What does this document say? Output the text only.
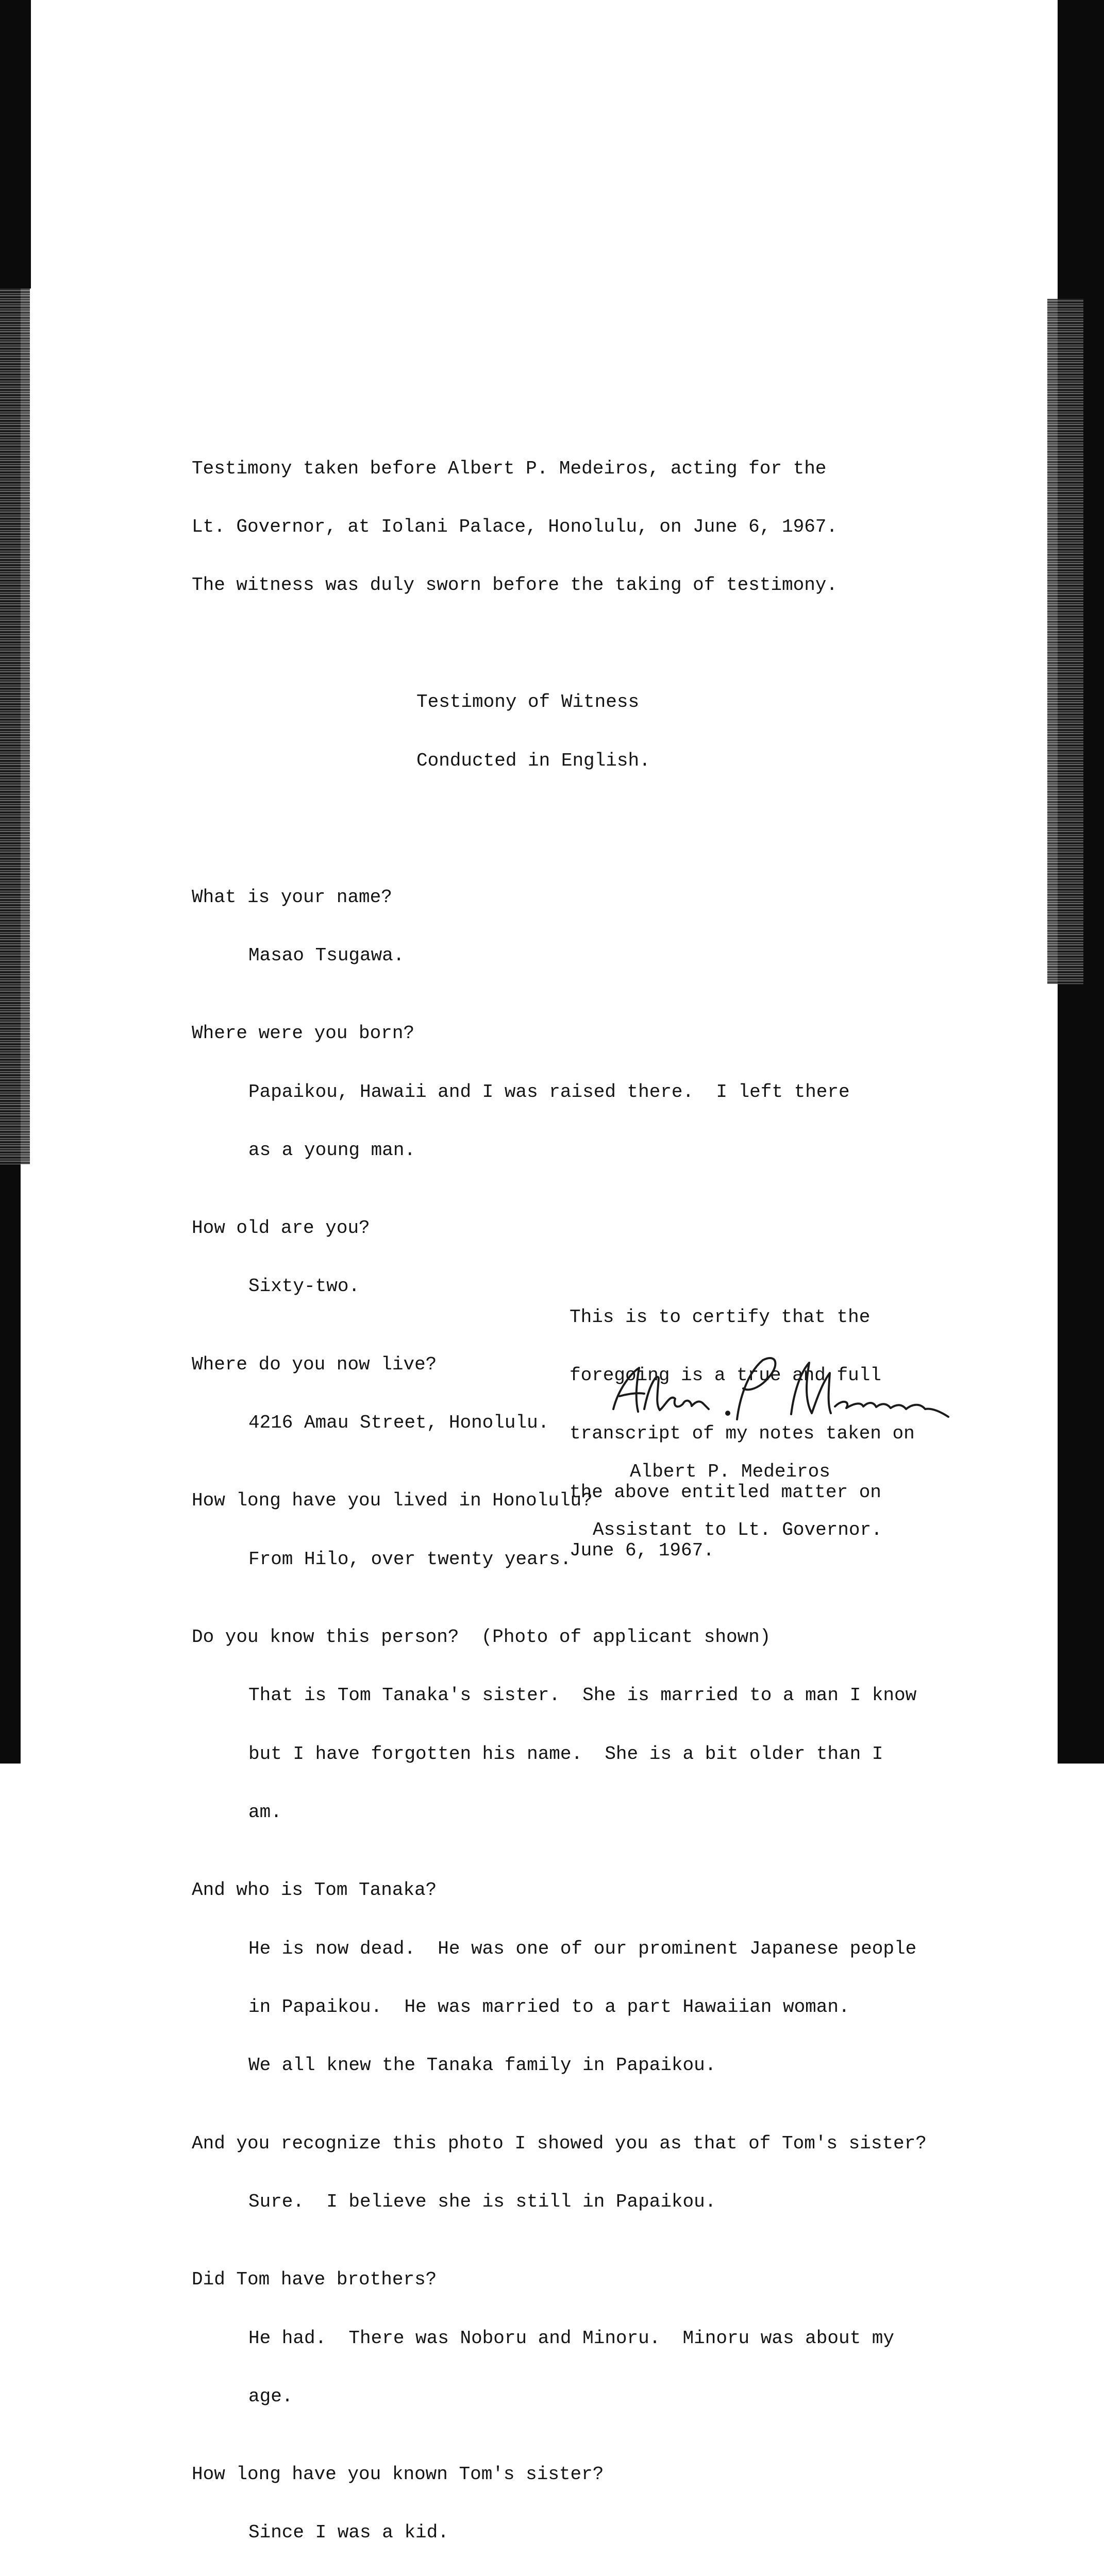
Testimony taken before Albert P. Medeiros, acting for the

Lt. Governor, at Iolani Palace, Honolulu, on June 6, 1967.

The witness was duly sworn before the taking of testimony.

Testimony of Witness

Conducted in English.

What is your name?

Masao Tsugawa.

Where were you born?

Papaikou, Hawaii and I was raised there.  I left there

as a young man.

How old are you?

Sixty-two.

Where do you now live?

4216 Amau Street, Honolulu.

How long have you lived in Honolulu?

From Hilo, over twenty years.

Do you know this person?  (Photo of applicant shown)

That is Tom Tanaka's sister.  She is married to a man I know

but I have forgotten his name.  She is a bit older than I

am.

And who is Tom Tanaka?

He is now dead.  He was one of our prominent Japanese people

in Papaikou.  He was married to a part Hawaiian woman.

We all knew the Tanaka family in Papaikou.

And you recognize this photo I showed you as that of Tom's sister?

Sure.  I believe she is still in Papaikou.

Did Tom have brothers?

He had.  There was Noboru and Minoru.  Minoru was about my

age.

How long have you known Tom's sister?

Since I was a kid.

This is to certify that the

foregoing is a true and full

transcript of my notes taken on

the above entitled matter on

June 6, 1967.

Albert P. Medeiros

Assistant to Lt. Governor.
